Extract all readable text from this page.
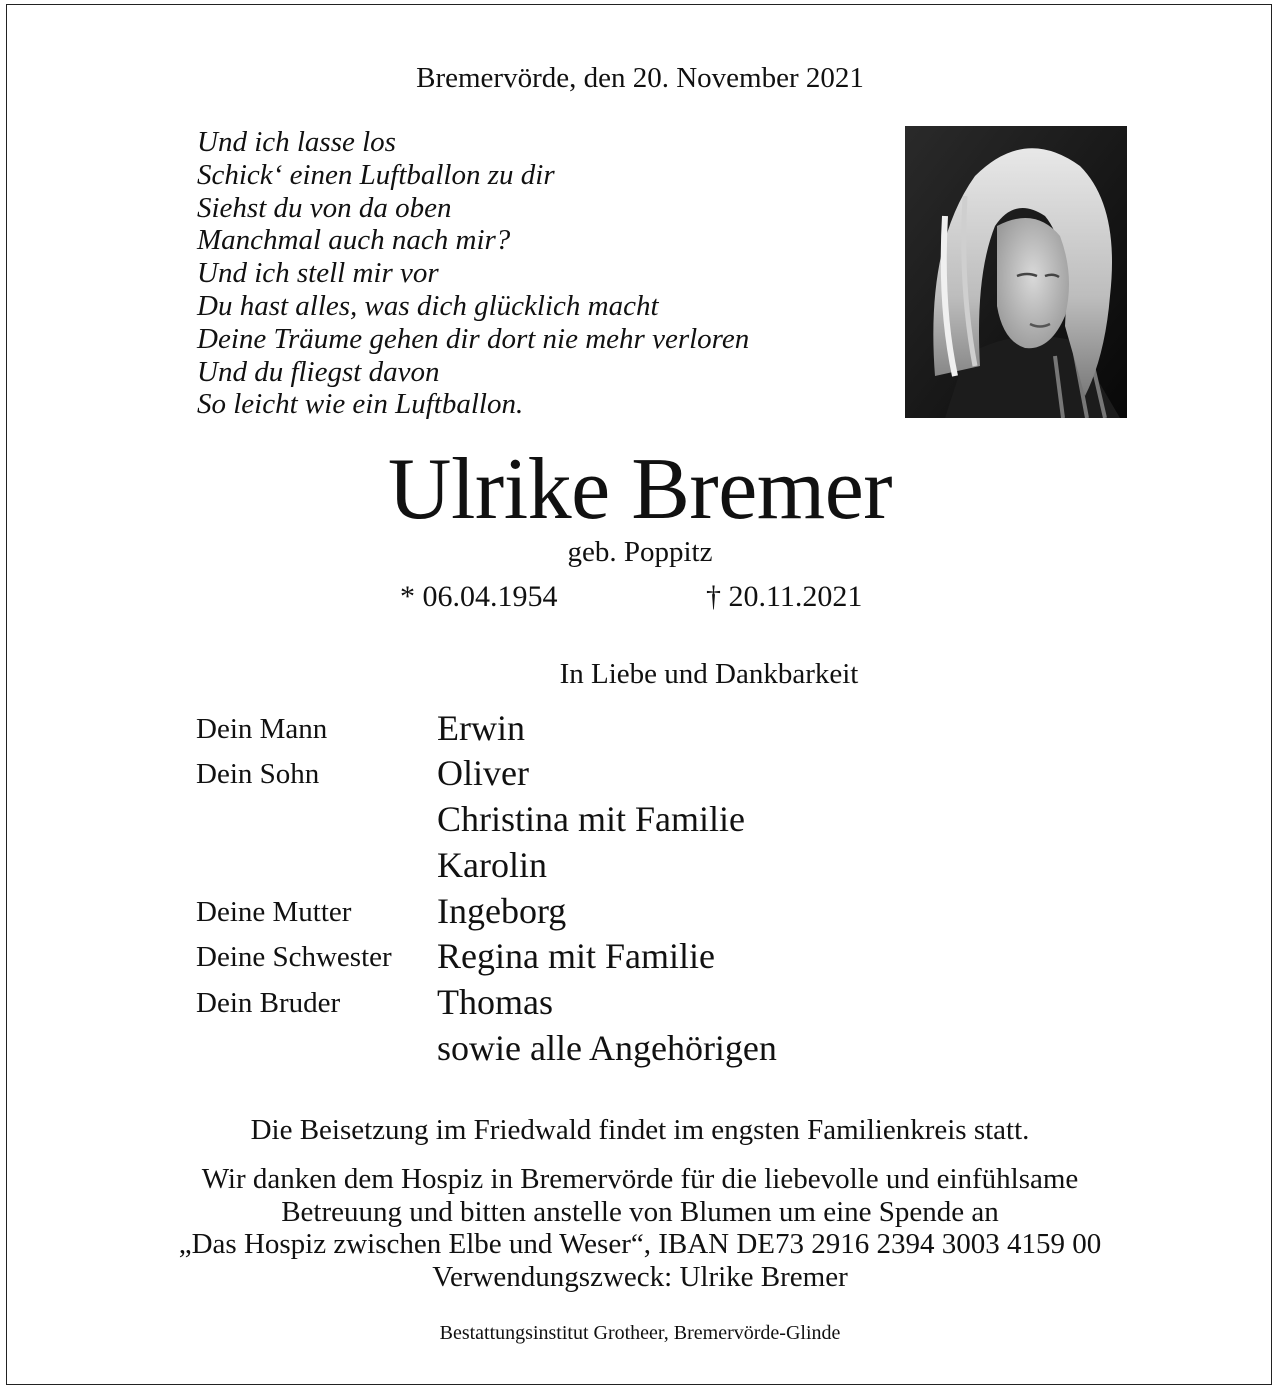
Bremervörde, den 20. November 2021
Und ich lasse los
Schick‘ einen Luftballon zu dir
Siehst du von da oben
Manchmal auch nach mir?
Und ich stell mir vor
Du hast alles, was dich glücklich macht
Deine Träume gehen dir dort nie mehr verloren
Und du fliegst davon
So leicht wie ein Luftballon.
Ulrike Bremer
geb. Poppitz
* 06.04.1954	† 20.11.2021
In Liebe und Dankbarkeit
Dein Mann	Erwin
Dein Sohn	Oliver
Christina mit Familie
Karolin
Deine Mutter Ingeborg
Deine Schwester Regina mit Familie
Dein Bruder	Thomas
sowie alle Angehörigen
Die Beisetzung im Friedwald findet im engsten Familienkreis statt.
Wir danken dem Hospiz in Bremervörde für die liebevolle und einfühlsame
Betreuung und bitten anstelle von Blumen um eine Spende an
„Das Hospiz zwischen Elbe und Weser“, IBAN DE73 2916 2394 3003 4159 00
Verwendungszweck: Ulrike Bremer
Bestattungsinstitut Grotheer, Bremervörde-Glinde
